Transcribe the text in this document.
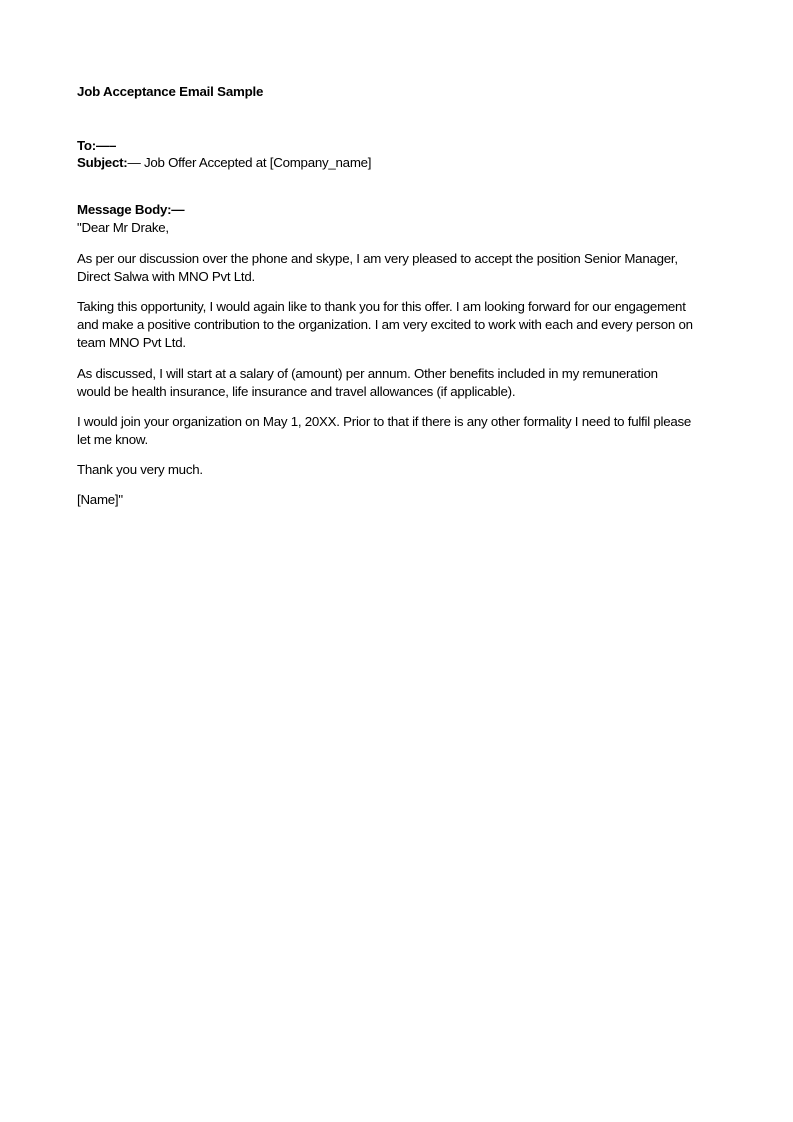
Job Acceptance Email Sample
To:—–
Subject:— Job Offer Accepted at [Company_name]
Message Body:—
"Dear Mr Drake,
As per our discussion over the phone and skype, I am very pleased to accept the position Senior Manager,
Direct Salwa with MNO Pvt Ltd.
Taking this opportunity, I would again like to thank you for this offer. I am looking forward for our engagement
and make a positive contribution to the organization. I am very excited to work with each and every person on
team MNO Pvt Ltd.
As discussed, I will start at a salary of (amount) per annum. Other benefits included in my remuneration
would be health insurance, life insurance and travel allowances (if applicable).
I would join your organization on May 1, 20XX. Prior to that if there is any other formality I need to fulfil please
let me know.
Thank you very much.
[Name]"
